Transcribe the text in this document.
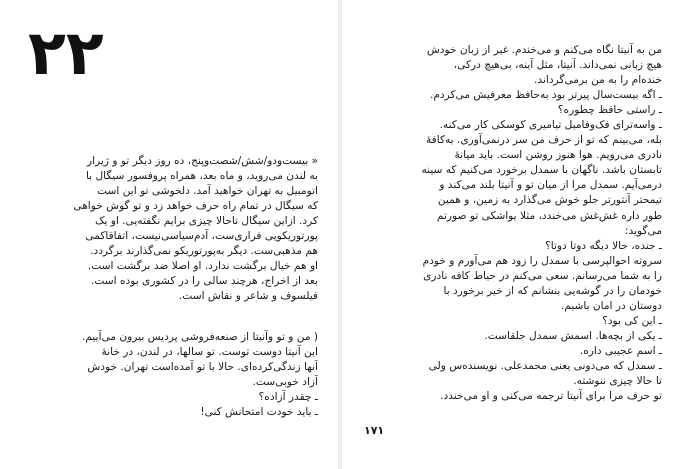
۲۲
« بیست‌ودو/شش/شصت‌وپنج، ده روز دیگر تو و ژیرار
به لندن می‌روید، و ماه بعد، همراه پروفسور سیگال با
اتومبیل به تهران خواهید آمد. دلخوشی تو این است
که سیگال در تمام راه حرف خواهد زد و تو گوش خواهی
کرد. ازاین سیگال تاحالا چیزی برایم نگفته‌یی. او یک
پورتوریکویی فراری‌ست، آدم‌سیاسی‌نیست، اتفاقاکمی
هم مذهبی‌ست. دیگر به‌پورتوریکو نمی‌گذارند برگردد.
او هم خیال برگشت ندارد. او اصلا ضد برگشت است.
بعد از اخراج، هرچند سالی را در کشوری بوده است.
فیلسوف و شاعر و نقاش است.
( من و تو وآنیتا از صنعه‌فروشی پردیس بیرون می‌آییم.
این آنیتا دوست توست. تو سالها، در لندن، در خانهٔ
آنها زندگی‌کرده‌ای. حالا با تو آمده‌است تهران. خودش
آزاد خوبی‌ست.
ـ چقدر آزاده؟
ـ باید خودت امتحانش کنی!
من به آنیتا نگاه می‌کنم و می‌خندم. غیر از زبان خودش
هیچ زبانی نمی‌داند. آنیتا، مثل آینه، بی‌هیچ درکی،
خنده‌ام را به من برمی‌گرداند.
ـ اگه بیست‌سال پیرتر بود به‌حافظ معرفیش می‌کردم.
ـ راستی حافظ چطوره؟
ـ واسه‌ترای فک‌وفامیل تیامیری کوسکی کار می‌کنه.
بله، می‌بینم که تو از حرف من سر درنمی‌آوری. به‌کافهٔ
نادری می‌رویم. هوا هنوز روشن است. باید میانهٔ
تابستان باشد. ناگهان با سمدل برخورد می‌کنیم که سینه
درمی‌آیم. سمدل مرا از میان تو و آنیتا بلند می‌کند و
تیمحتر آنتورتر جلو خوش می‌گذارد به زمین، و همین
طور داره غش‌غش می‌خندد، مثلا یواشکی تو صورتم
می‌گوید:
ـ جنده، حالا دیگه دوتا دوتا؟
سروته احوالپرسی با سمدل را زود هم می‌آورم و خودم
را به شما می‌رسانم. سعی می‌کنم در حیاط کافه نادری
خودمان را در گوشه‌یی بنشانم که از خیر برخورد با
دوستان در امان باشیم.
ـ این کی بود؟
ـ یکی از بچه‌ها. اسمش سمدل جلقاست.
ـ اسم عجیبی داره.
ـ سمدل که می‌دونی یعنی محمدعلی. نویسنده‌س ولی
تا حالا چیزی ننوشته.
تو حرف مرا برای آنیتا ترجمه می‌کنی و او می‌خندد.
۱۷۱
